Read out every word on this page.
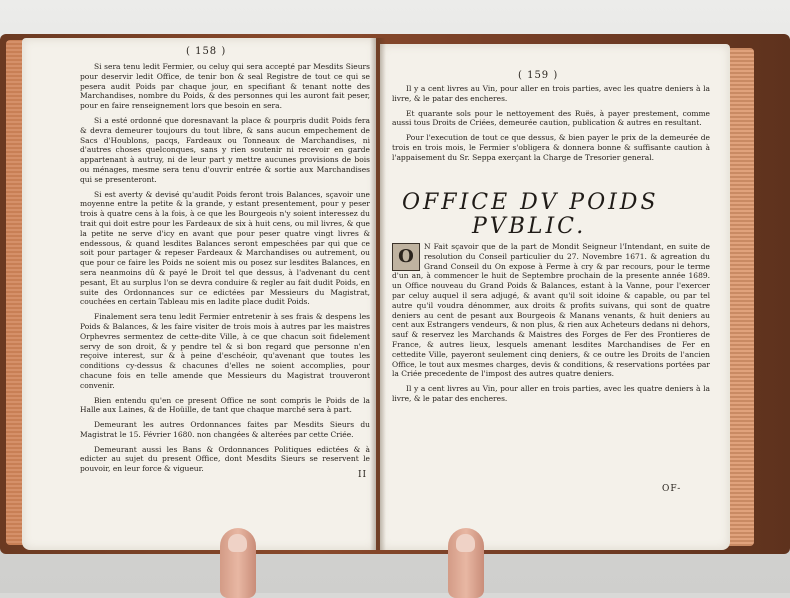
( 158 )

Si sera tenu ledit Fermier, ou celuy qui sera accepté par Mesdits Sieurs pour deservir ledit Office, de tenir bon & seal Registre de tout ce qui se pesera audit Poids par chaque jour, en specifiant & tenant notte des Marchandises, nombre du Poids, & des personnes qui les auront fait peser, pour en faire renseignement lors que besoin en sera.

Si a esté ordonné que doresnavant la place & pourpris dudit Poids fera & devra demeurer toujours du tout libre, & sans aucun empechement de Sacs d'Houblons, pacqs, Fardeaux ou Tonneaux de Marchandises, ni d'autres choses quelconques, sans y rien soutenir ni recevoir en garde appartenant à autruy, ni de leur part y mettre aucunes provisions de bois ou ménages, mesme sera tenu d'ouvrir entrée & sortie aux Marchandises qui se presenteront.

Si est averty & devisé qu'audit Poids feront trois Balances, sçavoir une moyenne entre la petite & la grande, y estant presentement, pour y peser trois à quatre cens à la fois, à ce que les Bourgeois n'y soient interessez du trait qui doit estre pour les Fardeaux de six à huit cens, ou mil livres, & que la petite ne serve d'icy en avant que pour peser quatre vingt livres & endessous, & quand lesdites Balances seront empeschées par qui que ce soit pour partager & repeser Fardeaux & Marchandises ou autrement, ou que pour ce faire les Poids ne soient mis ou posez sur lesdites Balances, en sera neanmoins dû & payé le Droit tel que dessus, à l'advenant du cent pesant, Et au surplus l'on se devra conduire & regler au fait dudit Poids, en suite des Ordonnances sur ce edictées par Messieurs du Magistrat, couchées en certain Tableau mis en ladite place dudit Poids.

Finalement sera tenu ledit Fermier entretenir à ses frais & despens les Poids & Balances, & les faire visiter de trois mois à autres par les maistres Orphevres sermentez de cette-dite Ville, à ce que chacun soit fidelement servy de son droit, & y pendre tel & si bon regard que personne n'en reçoive interest, sur & à peine d'eschéoir, qu'avenant que toutes les conditions cy-dessus & chacunes d'elles ne soient accomplies, pour chacune fois en telle amende que Messieurs du Magistrat trouveront convenir.

Bien entendu qu'en ce present Office ne sont compris le Poids de la Halle aux Laines, & de Hoüille, de tant que chaque marché sera à part.

Demeurant les autres Ordonnances faites par Mesdits Sieurs du Magistrat le 15. Février 1680. non changées & alterées par cette Criée.

Demeurant aussi les Bans & Ordonnances Politiques edictées & à edicter au sujet du present Office, dont Mesdits Sieurs se reservent le pouvoir, en leur force & vigueur.

II
( 159 )

Il y a cent livres au Vin, pour aller en trois parties, avec les quatre deniers à la livre, & le patar des encheres.

Et quarante sols pour le nettoyement des Ruës, à payer prestement, comme aussi tous Droits de Criées, demeurée caution, publication & autres en resultant.

Pour l'execution de tout ce que dessus, & bien payer le prix de la demeurée de trois en trois mois, le Fermier s'obligera & donnera bonne & suffisante caution à l'appaisement du Sr. Seppa exerçant la Charge de Tresorier general.

OFFICE DV POIDS
PVBLIC.

O	N Fait sçavoir que de la part de Mondit Seigneur l'Intendant, en suite de resolution du Conseil particulier du 27. Novembre 1671. & agreation du Grand Conseil du On expose à Ferme à cry & par recours, pour le terme d'un an, à commencer le huit de Septembre prochain de la presente année 1689. un Office nouveau du Grand Poids & Balances, estant à la Vanne, pour l'exercer par celuy auquel il sera adjugé, & avant qu'il soit idoine & capable, ou par tel autre qu'il voudra dénommer, aux droits & profits suivans, qui sont de quatre deniers au cent de pesant aux Bourgeois & Manans venants, & huit deniers au cent aux Estrangers vendeurs, & non plus, & rien aux Acheteurs dedans ni dehors, sauf & reservez les Marchands & Maistres des Forges de Fer des Frontieres de France, & autres lieux, lesquels amenant lesdites Marchandises de Fer en cettedite Ville, payeront seulement cinq deniers, & ce outre les Droits de l'ancien Office, le tout aux mesmes charges, devis & conditions, & reservations portées par la Criée precedente de l'impost des autres quatre deniers.

Il y a cent livres au Vin, pour aller en trois parties, avec les quatre deniers à la livre, & le patar des encheres.

OF-
